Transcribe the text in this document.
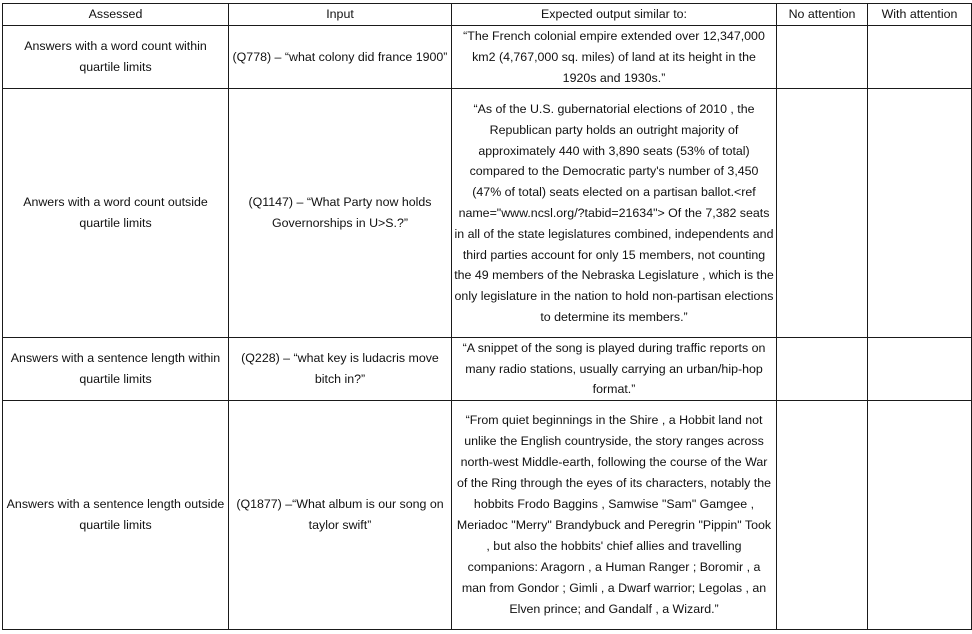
Assessed	Input	Expected output similar to:	No attention	With attention
Answers with a word count within quartile limits	(Q778) – “what colony did france 1900”	“The French colonial empire extended over 12,347,000 km2 (4,767,000 sq. miles) of land at its height in the 1920s and 1930s.”		
Anwers with a word count outside quartile limits	(Q1147) – “What Party now holds Governorships in U>S.?”	“As of the U.S. gubernatorial elections of 2010 , the Republican party holds an outright majority of approximately 440 with 3,890 seats (53% of total) compared to the Democratic party's number of 3,450 (47% of total) seats elected on a partisan ballot.<ref name="www.ncsl.org/?tabid=21634"> Of the 7,382 seats in all of the state legislatures combined, independents and third parties account for only 15 members, not counting the 49 members of the Nebraska Legislature , which is the only legislature in the nation to hold non-partisan elections to determine its members.”		
Answers with a sentence length within quartile limits	(Q228) – “what key is ludacris move bitch in?”	“A snippet of the song is played during traffic reports on many radio stations, usually carrying an urban/hip-hop format.”		
Answers with a sentence length outside quartile limits	(Q1877) –“What album is our song on taylor swift”	“From quiet beginnings in the Shire , a Hobbit land not unlike the English countryside, the story ranges across north-west Middle-earth, following the course of the War of the Ring through the eyes of its characters, notably the hobbits Frodo Baggins , Samwise "Sam" Gamgee , Meriadoc "Merry" Brandybuck and Peregrin "Pippin" Took , but also the hobbits' chief allies and travelling companions: Aragorn , a Human Ranger ; Boromir , a man from Gondor ; Gimli , a Dwarf warrior; Legolas , an Elven prince; and Gandalf , a Wizard.”		
